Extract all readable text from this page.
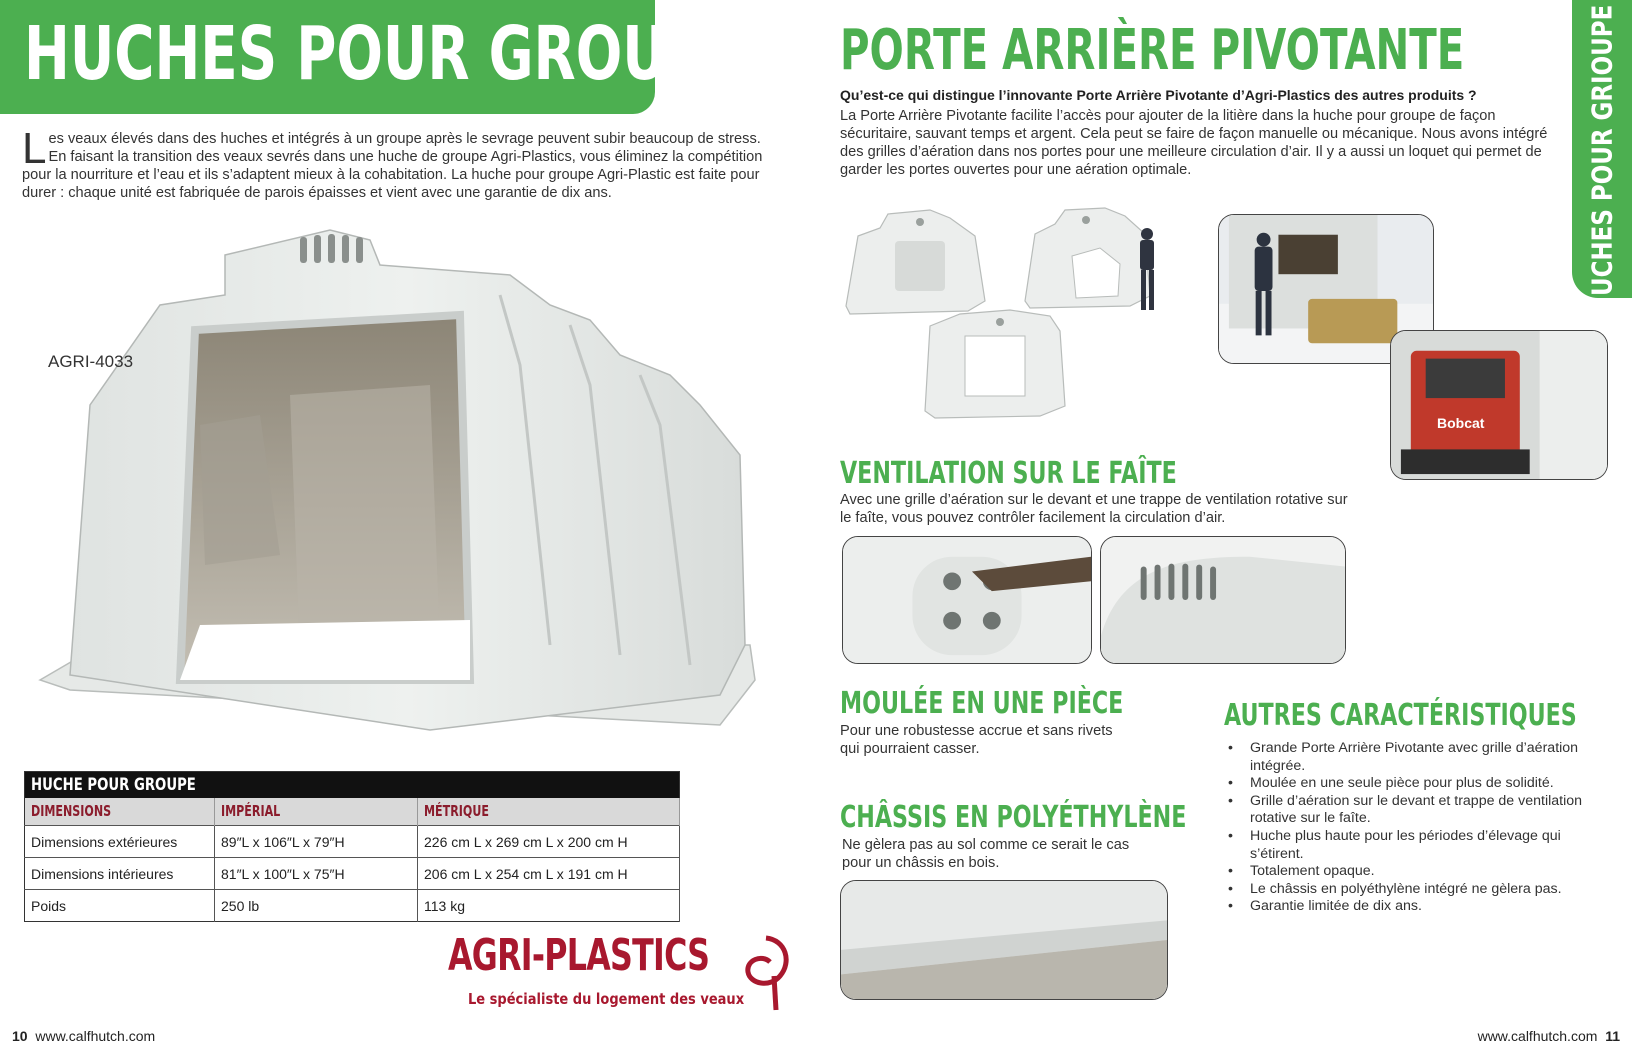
HUCHES POUR GROUPE
Les veaux élevés dans des huches et intégrés à un groupe après le sevrage peuvent subir beaucoup de stress. En faisant la transition des veaux sevrés dans une huche de groupe Agri-Plastics, vous éliminez la compétition pour la nourriture et l’eau et ils s’adaptent mieux à la cohabitation. La huche pour groupe Agri-Plastic est faite pour durer : chaque unité est fabriquée de parois épaisses et vient avec une garantie de dix ans.
AGRI-4033
HUCHE POUR GROUPE		
DIMENSIONS	IMPÉRIAL	MÉTRIQUE
Dimensions extérieures	89″L x 106″L x 79″H	226 cm L x 269 cm L x 200 cm H
Dimensions intérieures	81″L x 100″L x 75″H	206 cm L x 254 cm L x 191 cm H
Poids	250 lb	113 kg
AGRI-PLASTICS
Le spécialiste du logement des veaux
10 www.calfhutch.com
HUCHES POUR GRIOUPE
PORTE ARRIÈRE PIVOTANTE
Qu’est-ce qui distingue l’innovante Porte Arrière Pivotante d’Agri-Plastics des autres produits ?
La Porte Arrière Pivotante facilite l’accès pour ajouter de la litière dans la huche pour groupe de façon sécuritaire, sauvant temps et argent. Cela peut se faire de façon manuelle ou mécanique. Nous avons intégré des grilles d’aération dans nos portes pour une meilleure circulation d’air. Il y a aussi un loquet qui permet de garder les portes ouvertes pour une aération optimale.
Bobcat
VENTILATION SUR LE FAÎTE
Avec une grille d’aération sur le devant et une trappe de ventilation rotative sur le faîte, vous pouvez contrôler facilement la circulation d’air.
MOULÉE EN UNE PIÈCE
Pour une robustesse accrue et sans rivets qui pourraient casser.
CHÂSSIS EN POLYÉTHYLÈNE
Ne gèlera pas au sol comme ce serait le cas pour un châssis en bois.
AUTRES CARACTÉRISTIQUES
• Grande Porte Arrière Pivotante avec grille d’aération intégrée.
• Moulée en une seule pièce pour plus de solidité.
• Grille d’aération sur le devant et trappe de ventilation rotative sur le faîte.
• Huche plus haute pour les périodes d’élevage qui s’étirent.
• Totalement opaque.
• Le châssis en polyéthylène intégré ne gèlera pas.
• Garantie limitée de dix ans.
www.calfhutch.com 11
